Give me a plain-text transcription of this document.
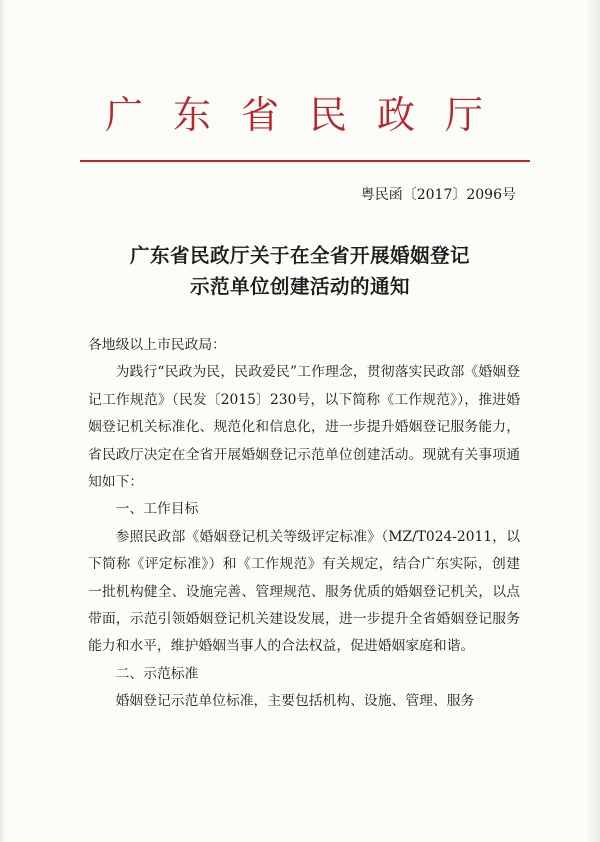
广东省民政厅
粤民函〔2017〕2096号
广东省民政厅关于在全省开展婚姻登记
示范单位创建活动的通知

各地级以上市民政局：

为践行“民政为民，民政爱民”工作理念，贯彻落实民政部《婚姻登记工作规范》（民发〔2015〕230号，以下简称《工作规范》），推进婚姻登记机关标准化、规范化和信息化，进一步提升婚姻登记服务能力，省民政厅决定在全省开展婚姻登记示范单位创建活动。现就有关事项通知如下：

一、工作目标

参照民政部《婚姻登记机关等级评定标准》（MZ/T024-2011，以下简称《评定标准》）和《工作规范》有关规定，结合广东实际，创建一批机构健全、设施完善、管理规范、服务优质的婚姻登记机关，以点带面，示范引领婚姻登记机关建设发展，进一步提升全省婚姻登记服务能力和水平，维护婚姻当事人的合法权益，促进婚姻家庭和谐。

二、示范标准

婚姻登记示范单位标准，主要包括机构、设施、管理、服务
